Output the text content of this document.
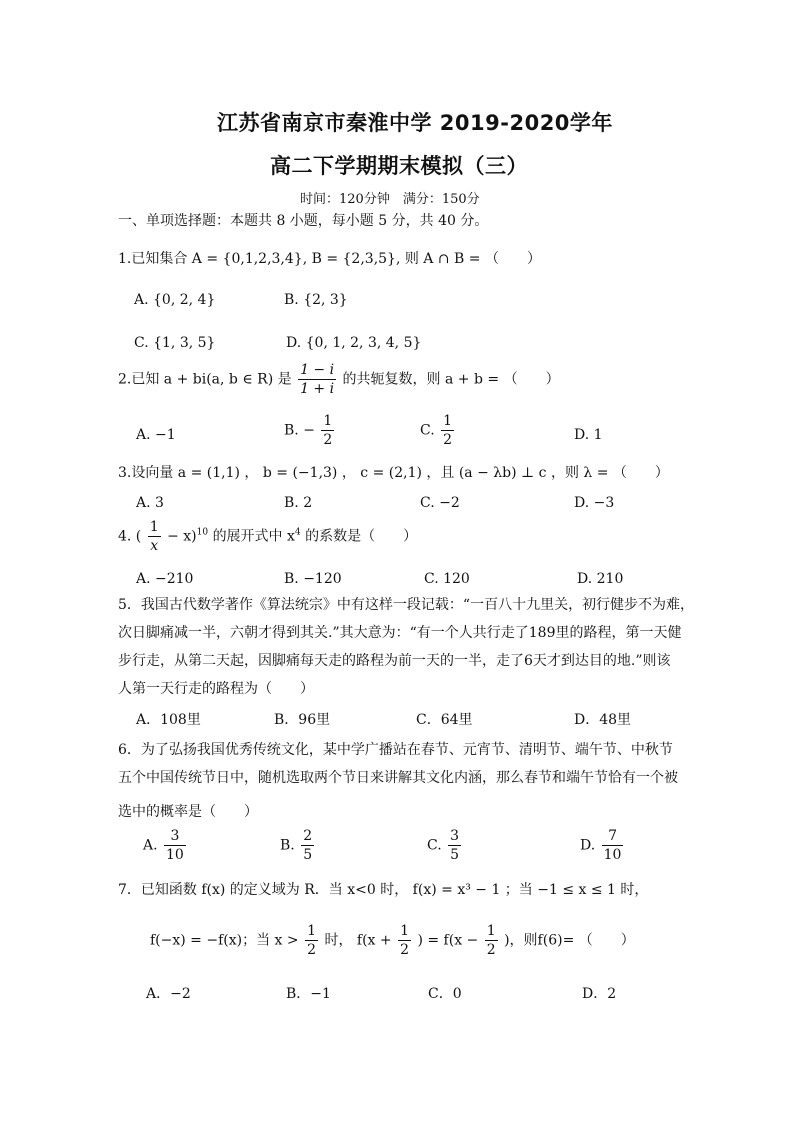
江苏省南京市秦淮中学 2019-2020学年
高二下学期期末模拟（三）
时间：120分钟　满分：150分
一、单项选择题：本题共 8 小题，每小题 5 分，共 40 分。
1.已知集合 A = {0,1,2,3,4}, B = {2,3,5}, 则 A ∩ B = （　　）
A. {0, 2, 4}	B. {2, 3}
C. {1, 3, 5}	D. {0, 1, 2, 3, 4, 5}
2.已知 a + bi(a, b ∈ R) 是 $\frac{1 - i}{1 + i}$ 的共轭复数，则 a + b = （　　）
A. −1	B. − $\frac{1}{2}$	C. $\frac{1}{2}$	D. 1
3.设向量 a = (1,1) ， b = (−1,3) ， c = (2,1) ，且 (a − λb) ⊥ c ，则 λ = （　　）
A. 3	B. 2	C. −2	D. −3
4. ( $\frac{1}{x} - x)^{10}$ 的展开式中 $x^4$ 的系数是（　　）
A. −210	B. −120	C. 120	D. 210
5．我国古代数学著作《算法统宗》中有这样一段记载：“一百八十九里关，初行健步不为难，
次日脚痛减一半，六朝才得到其关.”其大意为：“有一个人共行走了189里的路程，第一天健
步行走，从第二天起，因脚痛每天走的路程为前一天的一半，走了6天才到达目的地.”则该
人第一天行走的路程为（　　）
A．108里	B．96里	C．64里	D．48里
6．为了弘扬我国优秀传统文化，某中学广播站在春节、元宵节、清明节、端午节、中秋节
五个中国传统节日中，随机选取两个节日来讲解其文化内涵，那么春节和端午节恰有一个被
选中的概率是（　　）
A. $\frac{3}{10}$	B. $\frac{2}{5}$	C. $\frac{3}{5}$	D. $\frac{7}{10}$
7．已知函数 f(x) 的定义域为 R．当 x<0 时， f(x) = x³ − 1 ；当 −1 ≤ x ≤ 1 时，
f(−x) = −f(x)；当 $x > \frac{1}{2}$ 时， $f(x + \frac{1}{2}$ ) = $f(x - \frac{1}{2}$ )，则f(6)= （　　）
A．−2	B．−1	C．0	D．2
